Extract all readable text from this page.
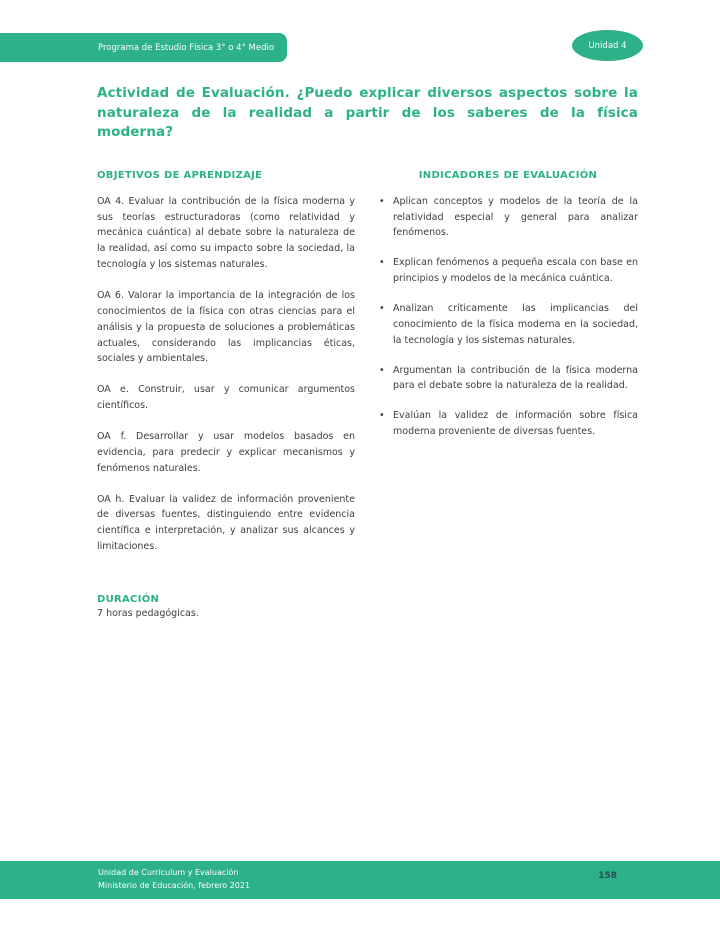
Programa de Estudio Física 3° o 4° Medio	Unidad 4
Actividad de Evaluación. ¿Puedo explicar diversos aspectos sobre la naturaleza de la realidad a partir de los saberes de la física moderna?
OBJETIVOS DE APRENDIZAJE

OA 4. Evaluar la contribución de la física moderna y sus teorías estructuradoras (como relatividad y mecánica cuántica) al debate sobre la naturaleza de la realidad, así como su impacto sobre la sociedad, la tecnología y los sistemas naturales.

OA 6. Valorar la importancia de la integración de los conocimientos de la física con otras ciencias para el análisis y la propuesta de soluciones a problemáticas actuales, considerando las implicancias éticas, sociales y ambientales.

OA e. Construir, usar y comunicar argumentos científicos.

OA f. Desarrollar y usar modelos basados en evidencia, para predecir y explicar mecanismos y fenómenos naturales.

OA h. Evaluar la validez de información proveniente de diversas fuentes, distinguiendo entre evidencia científica e interpretación, y analizar sus alcances y limitaciones.

INDICADORES DE EVALUACIÓN
• Aplican conceptos y modelos de la teoría de la relatividad especial y general para analizar fenómenos.
• Explican fenómenos a pequeña escala con base en principios y modelos de la mecánica cuántica.
• Analizan críticamente las implicancias del conocimiento de la física moderna en la sociedad, la tecnología y los sistemas naturales.
• Argumentan la contribución de la física moderna para el debate sobre la naturaleza de la realidad.
• Evalúan la validez de información sobre física moderna proveniente de diversas fuentes.
DURACIÓN

7 horas pedagógicas.

Unidad de Currículum y Evaluación
Ministerio de Educación, febrero 2021
158
